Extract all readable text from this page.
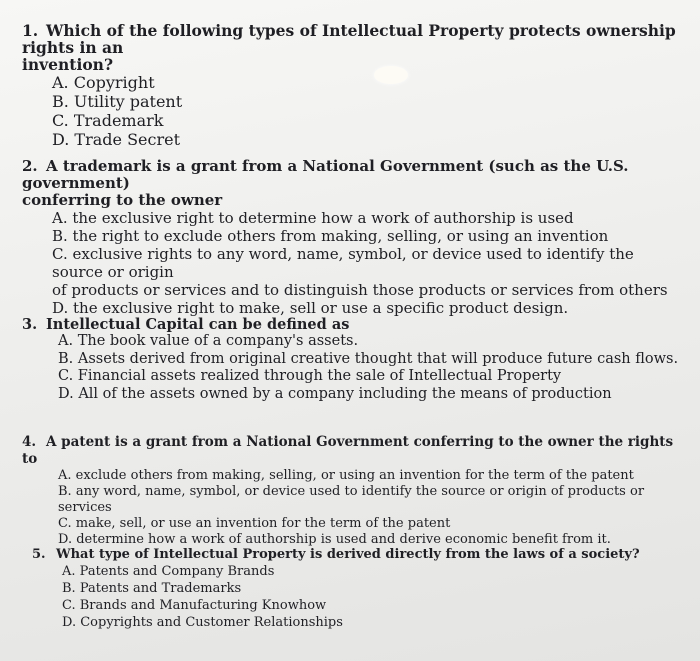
1. Which of the following types of Intellectual Property protects ownership rights in an
invention?
A. Copyright
B. Utility patent
C. Trademark
D. Trade Secret
2. A trademark is a grant from a National Government (such as the U.S. government)
conferring to the owner
A. the exclusive right to determine how a work of authorship is used
B. the right to exclude others from making, selling, or using an invention
C. exclusive rights to any word, name, symbol, or device used to identify the source or origin
of products or services and to distinguish those products or services from others
D. the exclusive right to make, sell or use a specific product design.
3. Intellectual Capital can be defined as
A. The book value of a company's assets.
B. Assets derived from original creative thought that will produce future cash flows.
C. Financial assets realized through the sale of Intellectual Property
D. All of the assets owned by a company including the means of production
4. A patent is a grant from a National Government conferring to the owner the rights to
A. exclude others from making, selling, or using an invention for the term of the patent
B. any word, name, symbol, or device used to identify the source or origin of products or
services
C. make, sell, or use an invention for the term of the patent
D. determine how a work of authorship is used and derive economic benefit from it.
5. What type of Intellectual Property is derived directly from the laws of a society?
A. Patents and Company Brands
B. Patents and Trademarks
C. Brands and Manufacturing Knowhow
D. Copyrights and Customer Relationships
